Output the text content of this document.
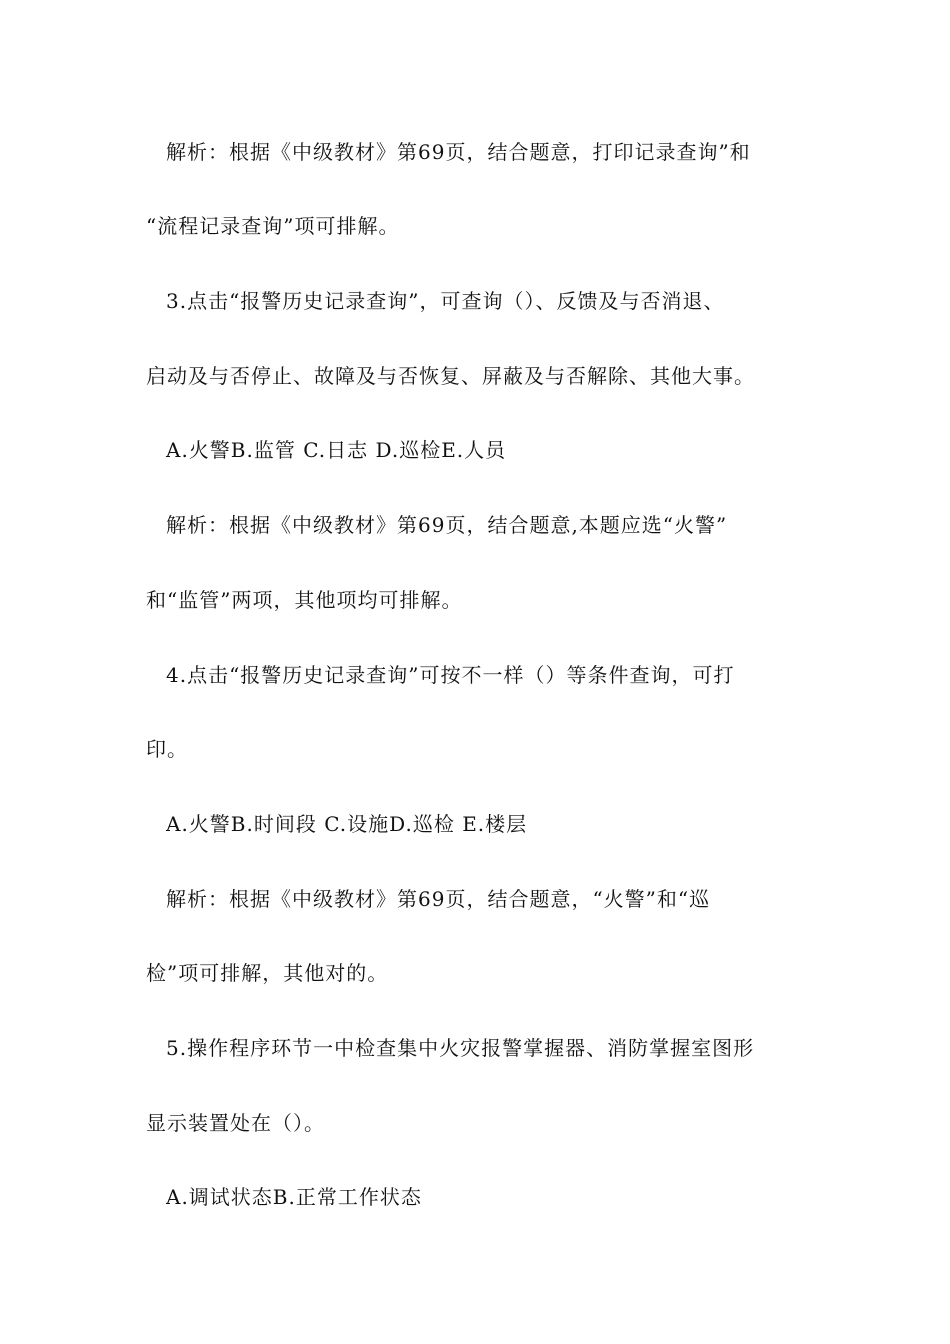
解析：根据《中级教材》第69页，结合题意，打印记录查询”和
“流程记录查询”项可排解。
3.点击“报警历史记录查询”，可查询（）、反馈及与否消退、
启动及与否停止、故障及与否恢复、屏蔽及与否解除、其他大事。
A.火警B.监管 C.日志 D.巡检E.人员
解析：根据《中级教材》第69页，结合题意,本题应选“火警”
和“监管”两项，其他项均可排解。
4.点击“报警历史记录查询”可按不一样（）等条件查询，可打
印。
A.火警B.时间段 C.设施D.巡检 E.楼层
解析：根据《中级教材》第69页，结合题意，“火警”和“巡
检”项可排解，其他对的。
5.操作程序环节一中检查集中火灾报警掌握器、消防掌握室图形
显示装置处在（）。
A.调试状态B.正常工作状态
